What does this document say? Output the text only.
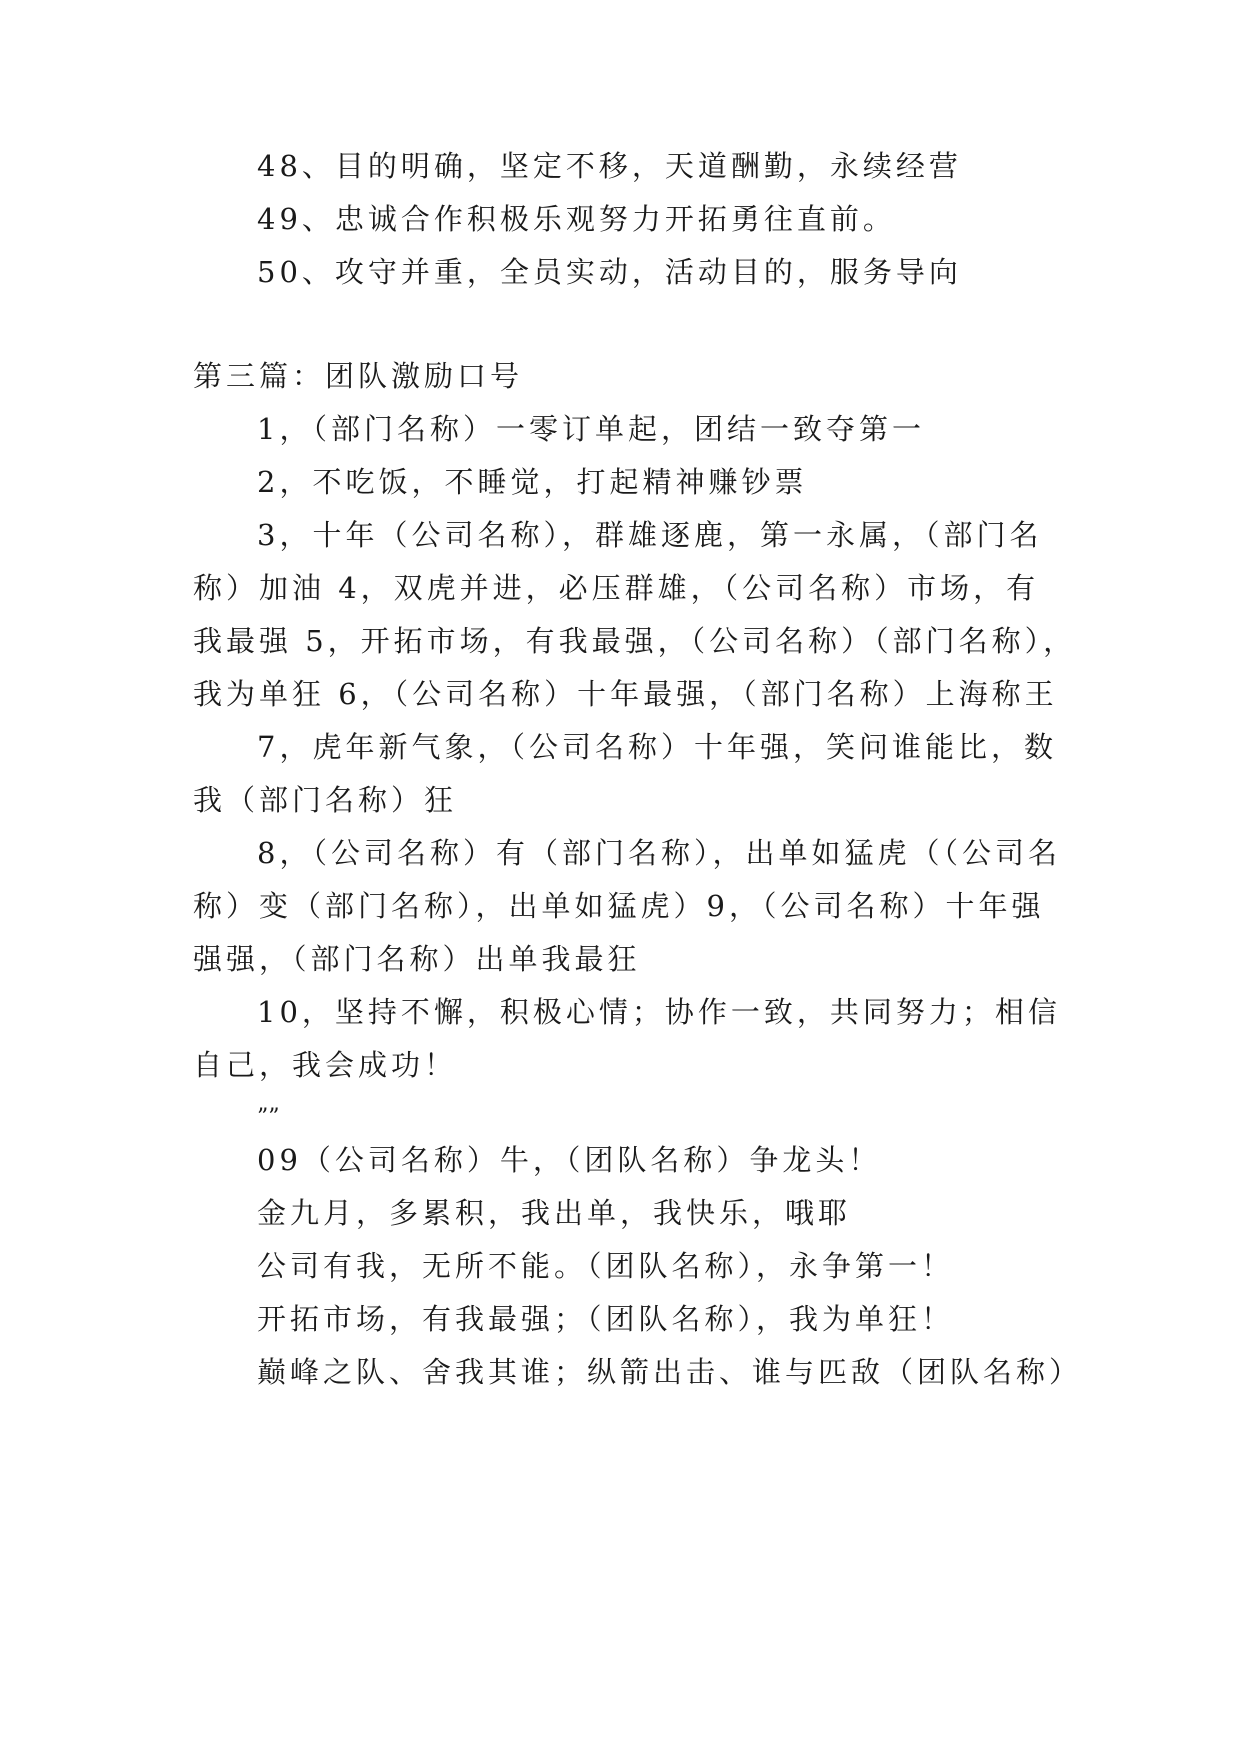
48、目的明确，坚定不移，天道酬勤，永续经营

49、忠诚合作积极乐观努力开拓勇往直前。

50、攻守并重，全员实动，活动目的，服务导向

第三篇：团队激励口号

1，（部门名称）一零订单起，团结一致夺第一

2，不吃饭，不睡觉，打起精神赚钞票

3，十年（公司名称），群雄逐鹿，第一永属，（部门名

称）加油 4，双虎并进，必压群雄，（公司名称）市场，有

我最强 5，开拓市场，有我最强，（公司名称）（部门名称），

我为单狂 6，（公司名称）十年最强，（部门名称）上海称王

7，虎年新气象，（公司名称）十年强，笑问谁能比，数

我（部门名称）狂

8，（公司名称）有（部门名称），出单如猛虎（（公司名

称）变（部门名称），出单如猛虎）9，（公司名称）十年强

强强，（部门名称）出单我最狂

10，坚持不懈，积极心情；协作一致，共同努力；相信

自己，我会成功！

””

09（公司名称）牛，（团队名称）争龙头！

金九月，多累积，我出单，我快乐，哦耶

公司有我，无所不能。（团队名称），永争第一！

开拓市场，有我最强；（团队名称），我为单狂！

巅峰之队、舍我其谁；纵箭出击、谁与匹敌（团队名称）
